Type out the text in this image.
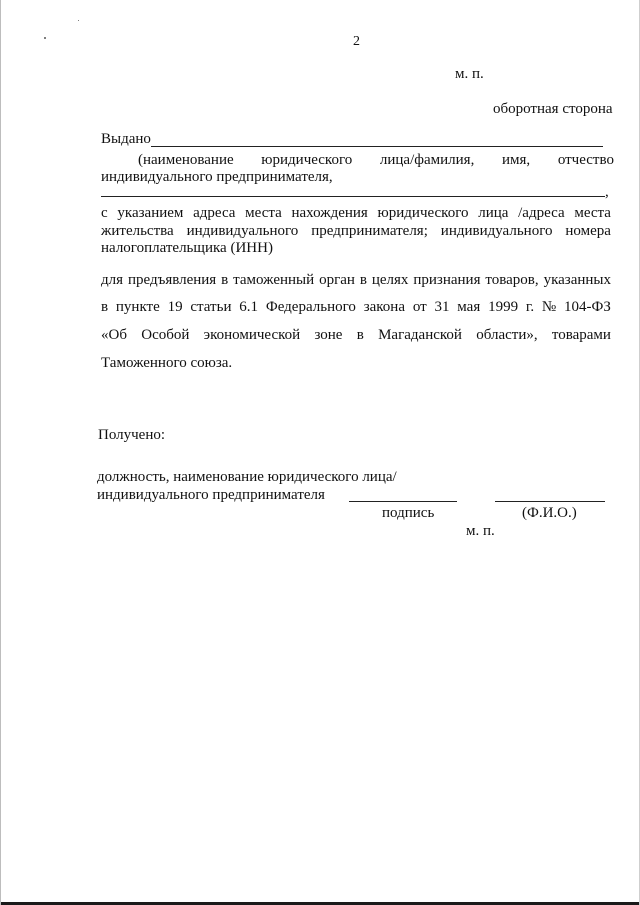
2
м. п.
оборотная сторона
Выдано
(наименование юридического лица/фамилия, имя, отчество
индивидуального предпринимателя,
,
с указанием адреса места нахождения юридического лица /адреса места
жительства индивидуального предпринимателя; индивидуального номера
налогоплательщика (ИНН)
для предъявления в таможенный орган в целях признания товаров, указанных
в пункте 19 статьи 6.1 Федерального закона от 31 мая 1999 г. № 104-ФЗ
«Об Особой экономической зоне в Магаданской области», товарами
Таможенного союза.
Получено:
должность, наименование юридического лица/
индивидуального предпринимателя
подпись	(Ф.И.О.)
м. п.
